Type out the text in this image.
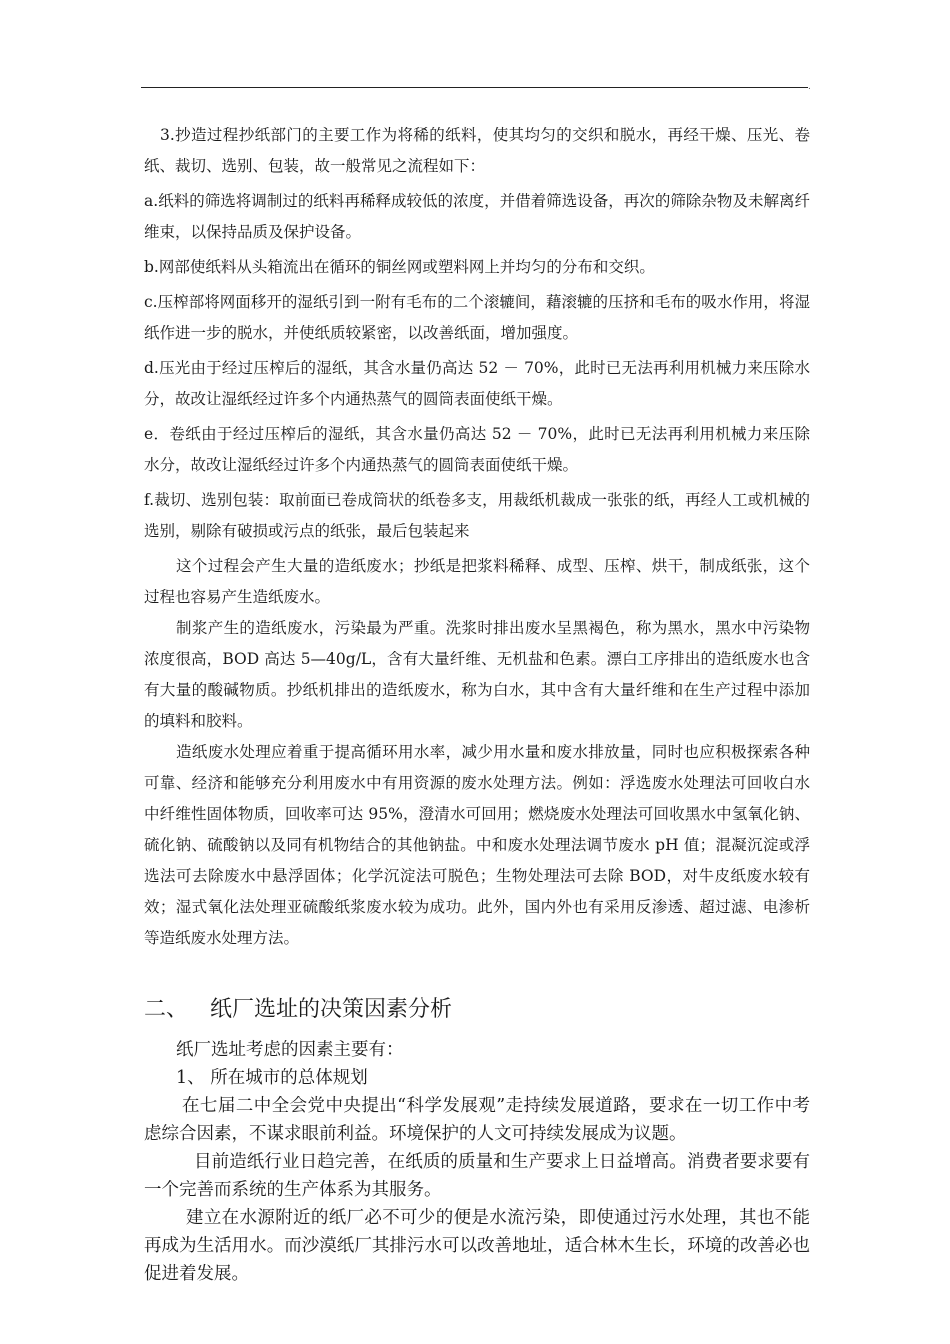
.

3.抄造过程抄纸部门的主要工作为将稀的纸料，使其均匀的交织和脱水，再经干燥、压光、卷纸、裁切、选别、包装，故一般常见之流程如下：

a.纸料的筛选将调制过的纸料再稀释成较低的浓度，并借着筛选设备，再次的筛除杂物及未解离纤维束，以保持品质及保护设备。

b.网部使纸料从头箱流出在循环的铜丝网或塑料网上并均匀的分布和交织。

c.压榨部将网面移开的湿纸引到一附有毛布的二个滚辘间，藉滚辘的压挤和毛布的吸水作用，将湿纸作进一步的脱水，并使纸质较紧密，以改善纸面，增加强度。

d.压光由于经过压榨后的湿纸，其含水量仍高达 52 － 70%，此时已无法再利用机械力来压除水分，故改让湿纸经过许多个内通热蒸气的圆筒表面使纸干燥。

e．卷纸由于经过压榨后的湿纸，其含水量仍高达 52 － 70%，此时已无法再利用机械力来压除水分，故改让湿纸经过许多个内通热蒸气的圆筒表面使纸干燥。

f.裁切、选别包装：取前面已卷成筒状的纸卷多支，用裁纸机裁成一张张的纸，再经人工或机械的选别，剔除有破损或污点的纸张，最后包装起来

这个过程会产生大量的造纸废水；抄纸是把浆料稀释、成型、压榨、烘干，制成纸张，这个过程也容易产生造纸废水。

制浆产生的造纸废水，污染最为严重。洗浆时排出废水呈黑褐色，称为黑水，黑水中污染物浓度很高，BOD 高达 5—40g/L，含有大量纤维、无机盐和色素。漂白工序排出的造纸废水也含有大量的酸碱物质。抄纸机排出的造纸废水，称为白水，其中含有大量纤维和在生产过程中添加的填料和胶料。

造纸废水处理应着重于提高循环用水率，减少用水量和废水排放量，同时也应积极探索各种可靠、经济和能够充分利用废水中有用资源的废水处理方法。例如：浮选废水处理法可回收白水中纤维性固体物质，回收率可达 95%，澄清水可回用；燃烧废水处理法可回收黑水中氢氧化钠、硫化钠、硫酸钠以及同有机物结合的其他钠盐。中和废水处理法调节废水 pH 值；混凝沉淀或浮选法可去除废水中悬浮固体；化学沉淀法可脱色；生物处理法可去除 BOD，对牛皮纸废水较有效；湿式氧化法处理亚硫酸纸浆废水较为成功。此外，国内外也有采用反渗透、超过滤、电渗析等造纸废水处理方法。

二、 纸厂选址的决策因素分析

纸厂选址考虑的因素主要有：

1、 所在城市的总体规划

在七届二中全会党中央提出“科学发展观”走持续发展道路，要求在一切工作中考虑综合因素，不谋求眼前利益。环境保护的人文可持续发展成为议题。

目前造纸行业日趋完善，在纸质的质量和生产要求上日益增高。消费者要求要有一个完善而系统的生产体系为其服务。

建立在水源附近的纸厂必不可少的便是水流污染，即使通过污水处理，其也不能再成为生活用水。而沙漠纸厂其排污水可以改善地址，适合林木生长，环境的改善必也促进着发展。
